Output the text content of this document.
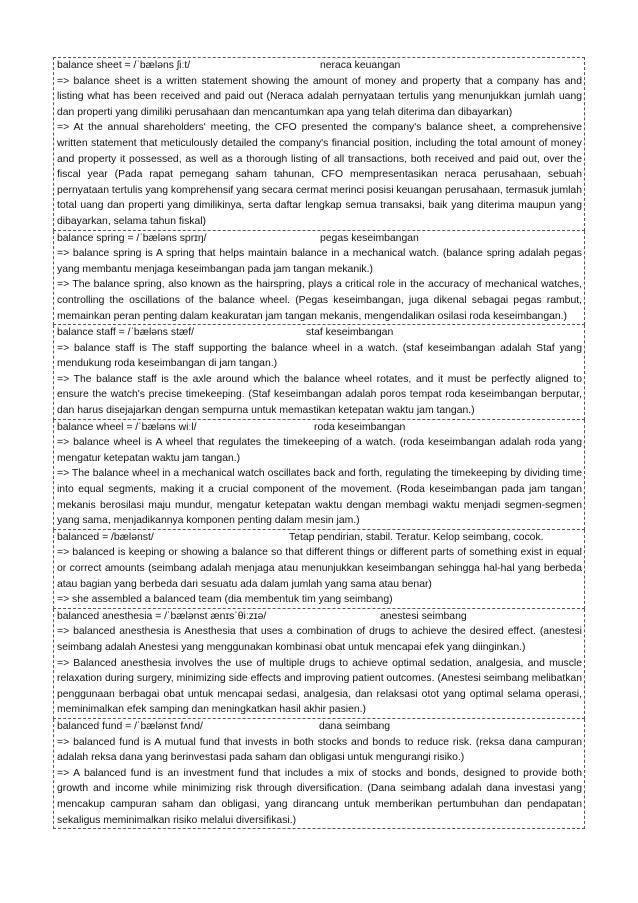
balance sheet = /ˈbæləns ʃiːt/	neraca keuangan
=> balance sheet is a written statement showing the amount of money and property that a company has and listing what has been received and paid out (Neraca adalah pernyataan tertulis yang menunjukkan jumlah uang dan properti yang dimiliki perusahaan dan mencantumkan apa yang telah diterima dan dibayarkan)
=> At the annual shareholders' meeting, the CFO presented the company's balance sheet, a comprehensive written statement that meticulously detailed the company's financial position, including the total amount of money and property it possessed, as well as a thorough listing of all transactions, both received and paid out, over the fiscal year (Pada rapat pemegang saham tahunan, CFO mempresentasikan neraca perusahaan, sebuah pernyataan tertulis yang komprehensif yang secara cermat merinci posisi keuangan perusahaan, termasuk jumlah total uang dan properti yang dimilikinya, serta daftar lengkap semua transaksi, baik yang diterima maupun yang dibayarkan, selama tahun fiskal)
balance spring = /ˈbæləns sprɪŋ/	pegas keseimbangan
=> balance spring is A spring that helps maintain balance in a mechanical watch. (balance spring adalah pegas yang membantu menjaga keseimbangan pada jam tangan mekanik.)
=> The balance spring, also known as the hairspring, plays a critical role in the accuracy of mechanical watches, controlling the oscillations of the balance wheel. (Pegas keseimbangan, juga dikenal sebagai pegas rambut, memainkan peran penting dalam keakuratan jam tangan mekanis, mengendalikan osilasi roda keseimbangan.)
balance staff = /ˈbæləns stæf/	staf keseimbangan
=> balance staff is The staff supporting the balance wheel in a watch. (staf keseimbangan adalah Staf yang mendukung roda keseimbangan di jam tangan.)
=> The balance staff is the axle around which the balance wheel rotates, and it must be perfectly aligned to ensure the watch's precise timekeeping. (Staf keseimbangan adalah poros tempat roda keseimbangan berputar, dan harus disejajarkan dengan sempurna untuk memastikan ketepatan waktu jam tangan.)
balance wheel = /ˈbæləns wiːl/	roda keseimbangan
=> balance wheel is A wheel that regulates the timekeeping of a watch. (roda keseimbangan adalah roda yang mengatur ketepatan waktu jam tangan.)
=> The balance wheel in a mechanical watch oscillates back and forth, regulating the timekeeping by dividing time into equal segments, making it a crucial component of the movement. (Roda keseimbangan pada jam tangan mekanis berosilasi maju mundur, mengatur ketepatan waktu dengan membagi waktu menjadi segmen-segmen yang sama, menjadikannya komponen penting dalam mesin jam.)
balanced = /bælənst/	Tetap pendirian, stabil. Teratur. Kelop seimbang, cocok.
=> balanced is keeping or showing a balance so that different things or different parts of something exist in equal or correct amounts (seimbang adalah menjaga atau menunjukkan keseimbangan sehingga hal-hal yang berbeda atau bagian yang berbeda dari sesuatu ada dalam jumlah yang sama atau benar)
=> she assembled a balanced team (dia membentuk tim yang seimbang)
balanced anesthesia = /ˈbælənst ænɪsˈθiːzɪə/	anestesi seimbang
=> balanced anesthesia is Anesthesia that uses a combination of drugs to achieve the desired effect. (anestesi seimbang adalah Anestesi yang menggunakan kombinasi obat untuk mencapai efek yang diinginkan.)
=> Balanced anesthesia involves the use of multiple drugs to achieve optimal sedation, analgesia, and muscle relaxation during surgery, minimizing side effects and improving patient outcomes. (Anestesi seimbang melibatkan penggunaan berbagai obat untuk mencapai sedasi, analgesia, dan relaksasi otot yang optimal selama operasi, meminimalkan efek samping dan meningkatkan hasil akhir pasien.)
balanced fund = /ˈbælənst fʌnd/	dana seimbang
=> balanced fund is A mutual fund that invests in both stocks and bonds to reduce risk. (reksa dana campuran adalah reksa dana yang berinvestasi pada saham dan obligasi untuk mengurangi risiko.)
=> A balanced fund is an investment fund that includes a mix of stocks and bonds, designed to provide both growth and income while minimizing risk through diversification. (Dana seimbang adalah dana investasi yang mencakup campuran saham dan obligasi, yang dirancang untuk memberikan pertumbuhan dan pendapatan sekaligus meminimalkan risiko melalui diversifikasi.)
